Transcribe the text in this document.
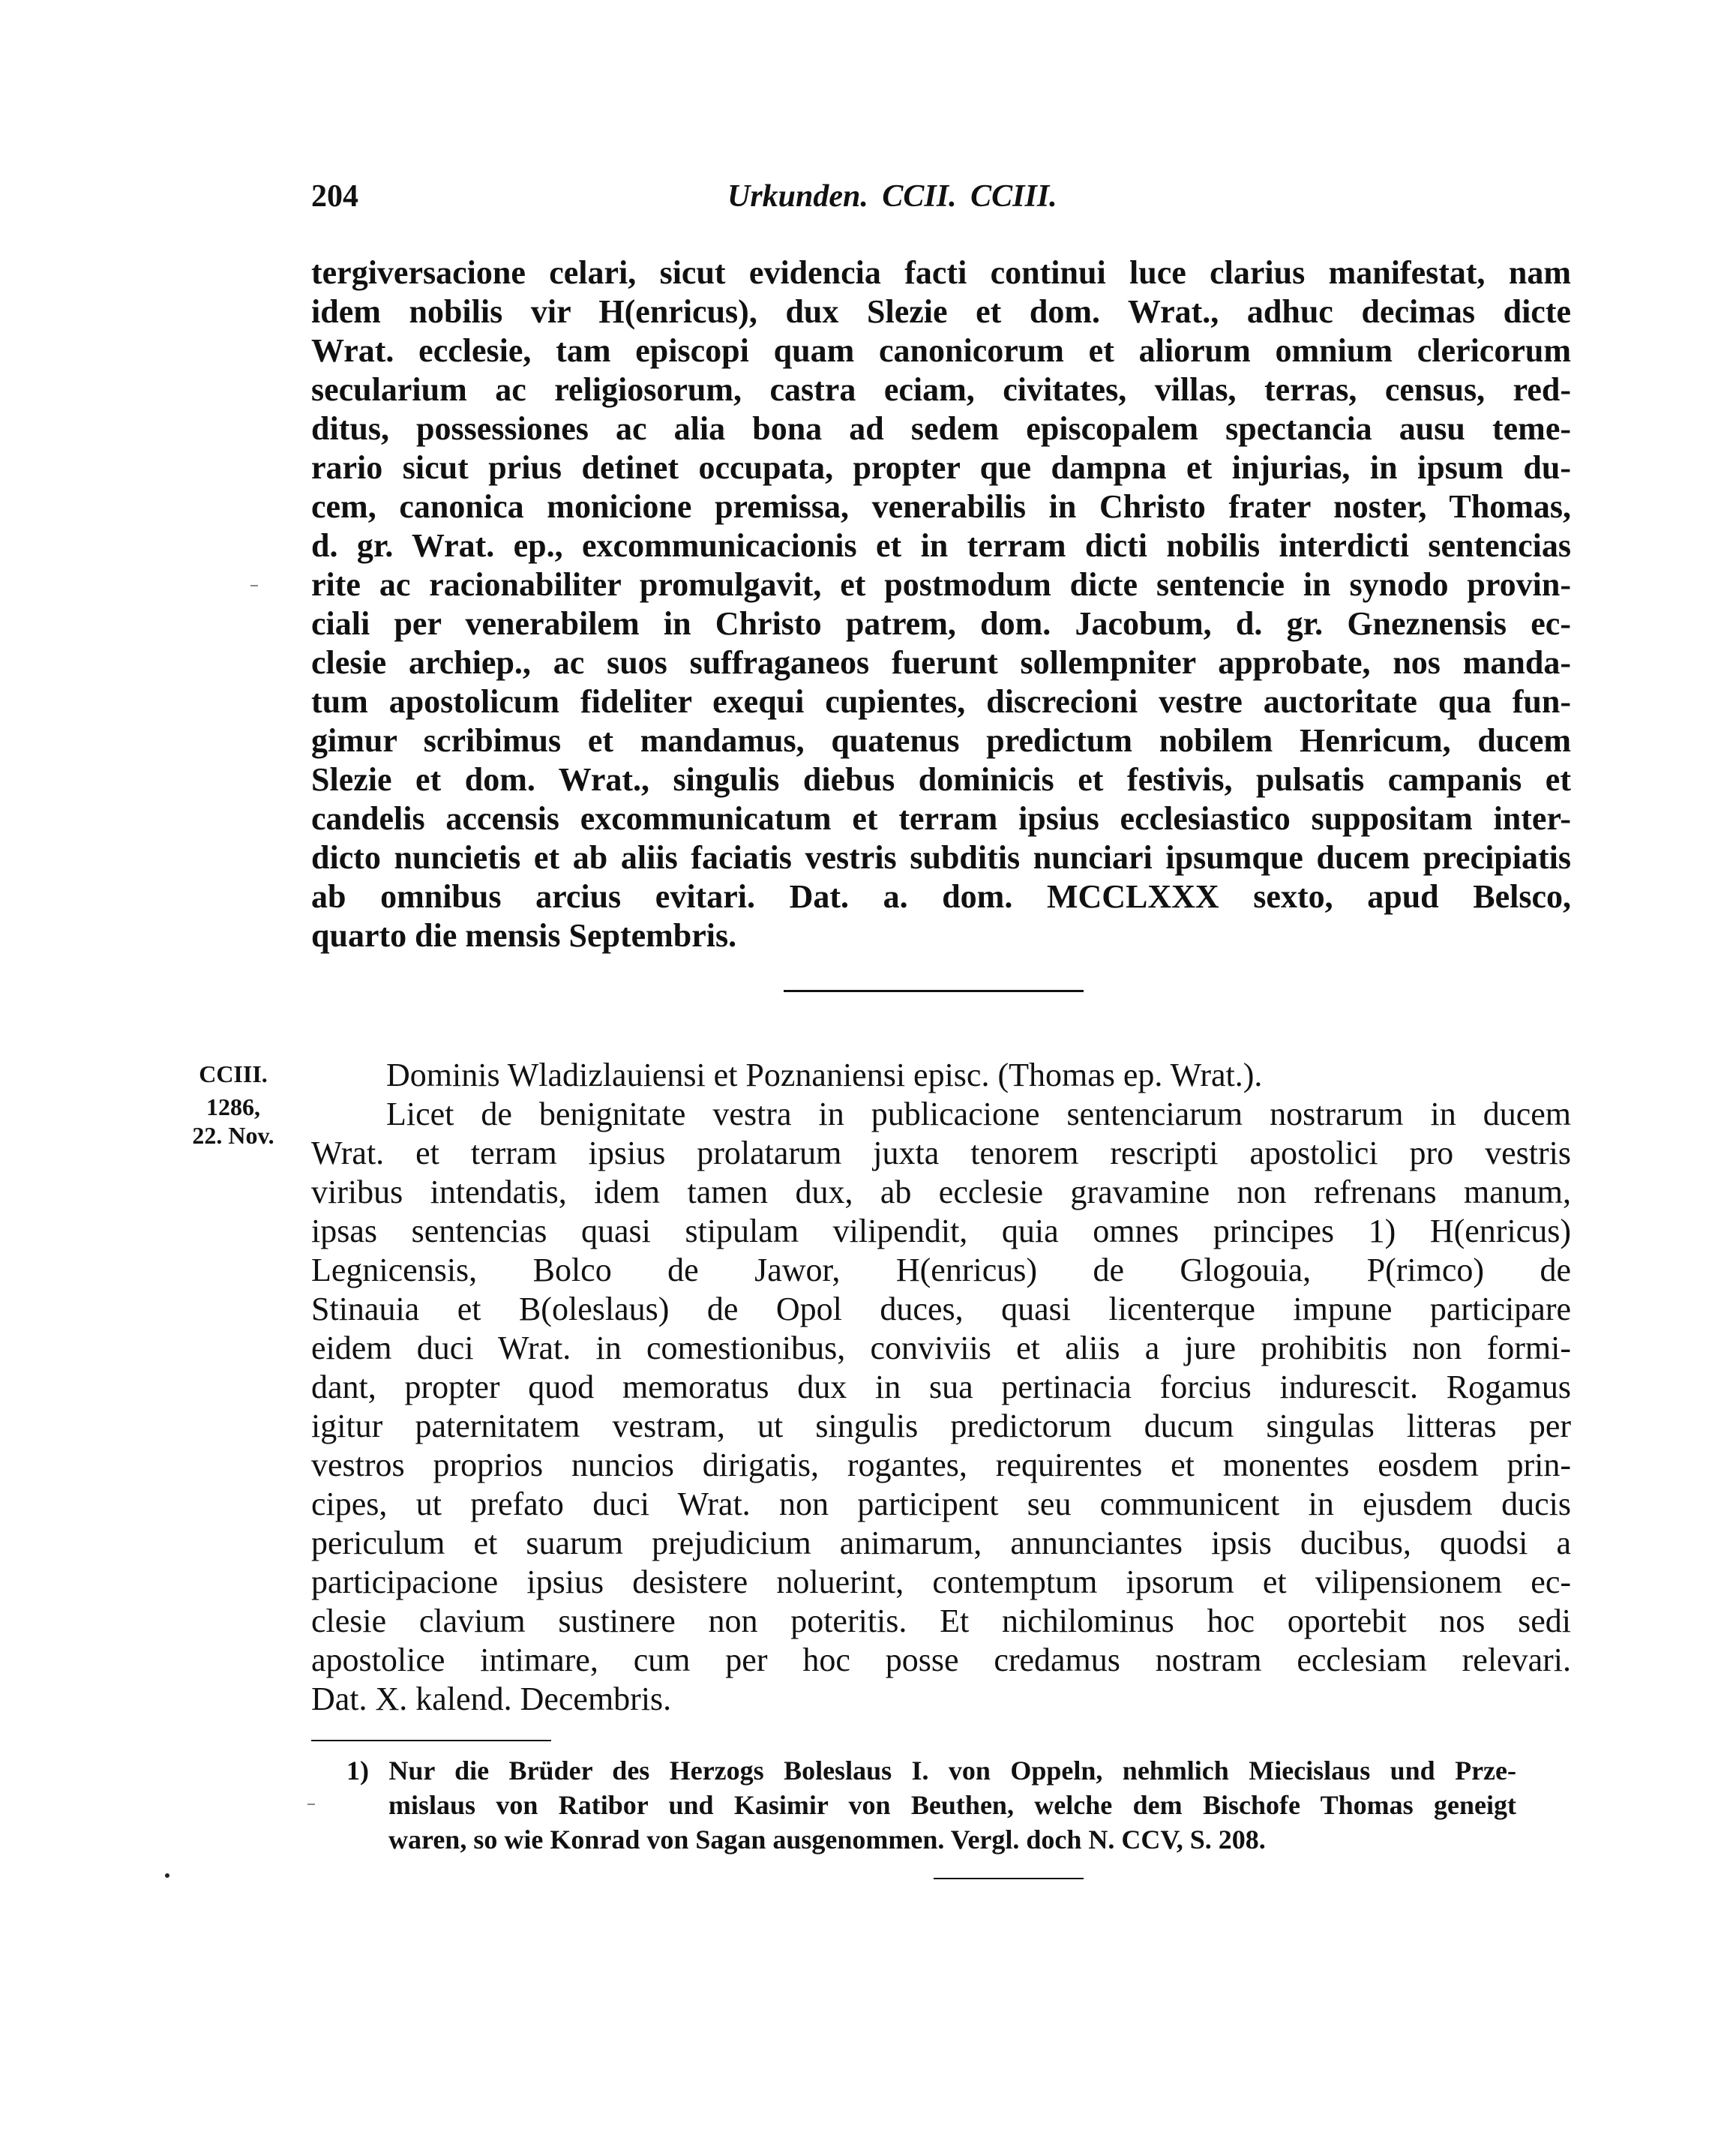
204	Urkunden. CCII. CCIII.
tergiversacione celari, sicut evidencia facti continui luce clarius manifestat, nam
idem nobilis vir H(enricus), dux Slezie et dom. Wrat., adhuc decimas dicte
Wrat. ecclesie, tam episcopi quam canonicorum et aliorum omnium clericorum
secularium ac religiosorum, castra eciam, civitates, villas, terras, census, red-
ditus, possessiones ac alia bona ad sedem episcopalem spectancia ausu teme-
rario sicut prius detinet occupata, propter que dampna et injurias, in ipsum du-
cem, canonica monicione premissa, venerabilis in Christo frater noster, Thomas,
d. gr. Wrat. ep., excommunicacionis et in terram dicti nobilis interdicti sentencias
rite ac racionabiliter promulgavit, et postmodum dicte sentencie in synodo provin-
ciali per venerabilem in Christo patrem, dom. Jacobum, d. gr. Gneznensis ec-
clesie archiep., ac suos suffraganeos fuerunt sollempniter approbate, nos manda-
tum apostolicum fideliter exequi cupientes, discrecioni vestre auctoritate qua fun-
gimur scribimus et mandamus, quatenus predictum nobilem Henricum, ducem
Slezie et dom. Wrat., singulis diebus dominicis et festivis, pulsatis campanis et
candelis accensis excommunicatum et terram ipsius ecclesiastico suppositam inter-
dicto nuncietis et ab aliis faciatis vestris subditis nunciari ipsumque ducem precipiatis
ab omnibus arcius evitari. Dat. a. dom. MCCLXXX sexto, apud Belsco,
quarto die mensis Septembris.
CCIII.
1286,
22. Nov.
Dominis Wladizlauiensi et Poznaniensi episc. (Thomas ep. Wrat.).
Licet de benignitate vestra in publicacione sentenciarum nostrarum in ducem
Wrat. et terram ipsius prolatarum juxta tenorem rescripti apostolici pro vestris
viribus intendatis, idem tamen dux, ab ecclesie gravamine non refrenans manum,
ipsas sentencias quasi stipulam vilipendit, quia omnes principes 1) H(enricus)
Legnicensis, Bolco de Jawor, H(enricus) de Glogouia, P(rimco) de
Stinauia et B(oleslaus) de Opol duces, quasi licenterque impune participare
eidem duci Wrat. in comestionibus, conviviis et aliis a jure prohibitis non formi-
dant, propter quod memoratus dux in sua pertinacia forcius indurescit. Rogamus
igitur paternitatem vestram, ut singulis predictorum ducum singulas litteras per
vestros proprios nuncios dirigatis, rogantes, requirentes et monentes eosdem prin-
cipes, ut prefato duci Wrat. non participent seu communicent in ejusdem ducis
periculum et suarum prejudicium animarum, annunciantes ipsis ducibus, quodsi a
participacione ipsius desistere noluerint, contemptum ipsorum et vilipensionem ec-
clesie clavium sustinere non poteritis. Et nichilominus hoc oportebit nos sedi
apostolice intimare, cum per hoc posse credamus nostram ecclesiam relevari.
Dat. X. kalend. Decembris.
1) Nur die Brüder des Herzogs Boleslaus I. von Oppeln, nehmlich Miecislaus und Prze-
mislaus von Ratibor und Kasimir von Beuthen, welche dem Bischofe Thomas geneigt
waren, so wie Konrad von Sagan ausgenommen. Vergl. doch N. CCV, S. 208.
